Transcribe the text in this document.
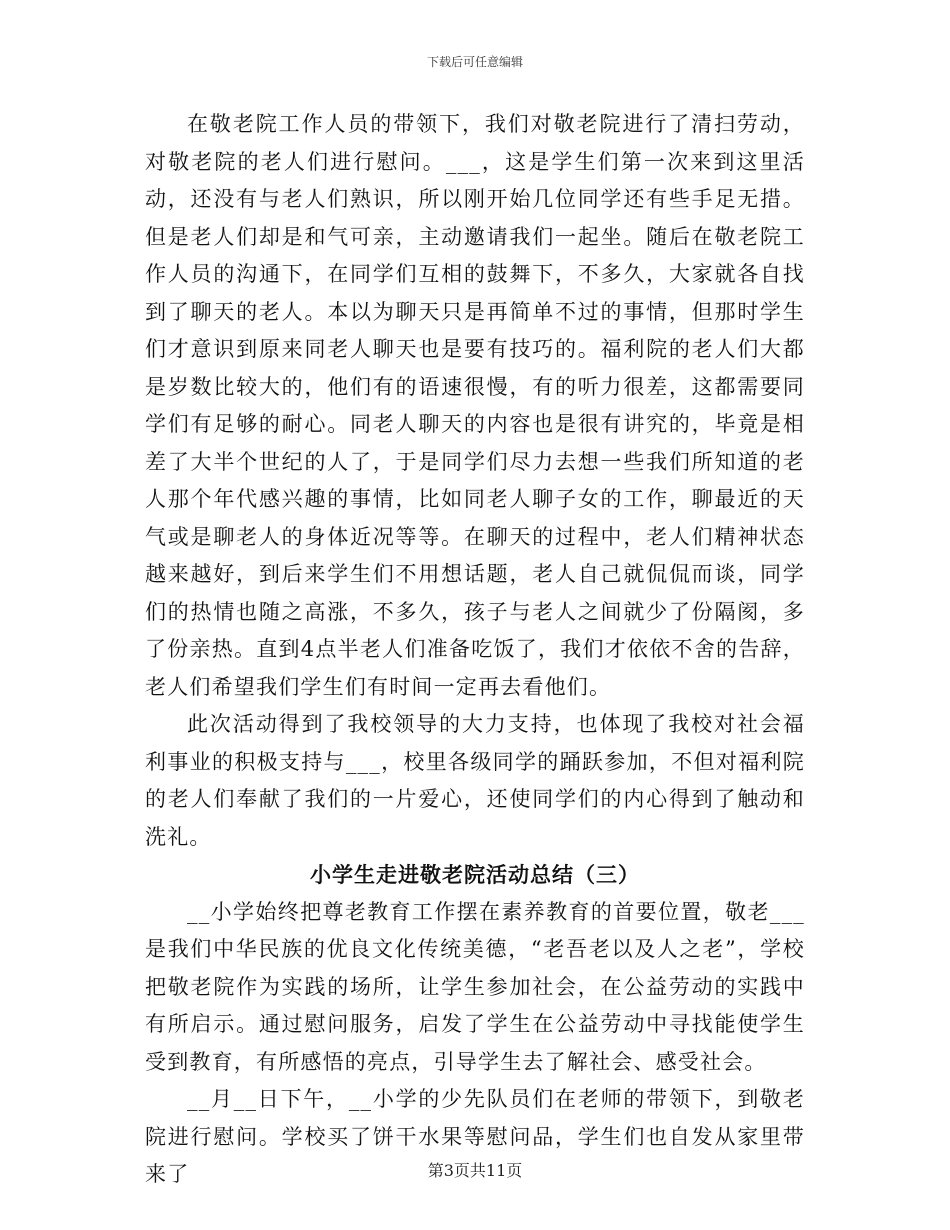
下载后可任意编辑

在敬老院工作人员的带领下，我们对敬老院进行了清扫劳动，对敬老院的老人们进行慰问。___，这是学生们第一次来到这里活动，还没有与老人们熟识，所以刚开始几位同学还有些手足无措。但是老人们却是和气可亲，主动邀请我们一起坐。随后在敬老院工作人员的沟通下，在同学们互相的鼓舞下，不多久，大家就各自找到了聊天的老人。本以为聊天只是再简单不过的事情，但那时学生们才意识到原来同老人聊天也是要有技巧的。福利院的老人们大都是岁数比较大的，他们有的语速很慢，有的听力很差，这都需要同学们有足够的耐心。同老人聊天的内容也是很有讲究的，毕竟是相差了大半个世纪的人了，于是同学们尽力去想一些我们所知道的老人那个年代感兴趣的事情，比如同老人聊子女的工作，聊最近的天气或是聊老人的身体近况等等。在聊天的过程中，老人们精神状态越来越好，到后来学生们不用想话题，老人自己就侃侃而谈，同学们的热情也随之高涨，不多久，孩子与老人之间就少了份隔阂，多了份亲热。直到4点半老人们准备吃饭了，我们才依依不舍的告辞，老人们希望我们学生们有时间一定再去看他们。

此次活动得到了我校领导的大力支持，也体现了我校对社会福利事业的积极支持与___，校里各级同学的踊跃参加，不但对福利院的老人们奉献了我们的一片爱心，还使同学们的内心得到了触动和洗礼。

小学生走进敬老院活动总结（三）

__小学始终把尊老教育工作摆在素养教育的首要位置，敬老___是我们中华民族的优良文化传统美德，“老吾老以及人之老”，学校把敬老院作为实践的场所，让学生参加社会，在公益劳动的实践中有所启示。通过慰问服务，启发了学生在公益劳动中寻找能使学生受到教育，有所感悟的亮点，引导学生去了解社会、感受社会。

__月__日下午，__小学的少先队员们在老师的带领下，到敬老院进行慰问。学校买了饼干水果等慰问品，学生们也自发从家里带来了	第3页共11页
